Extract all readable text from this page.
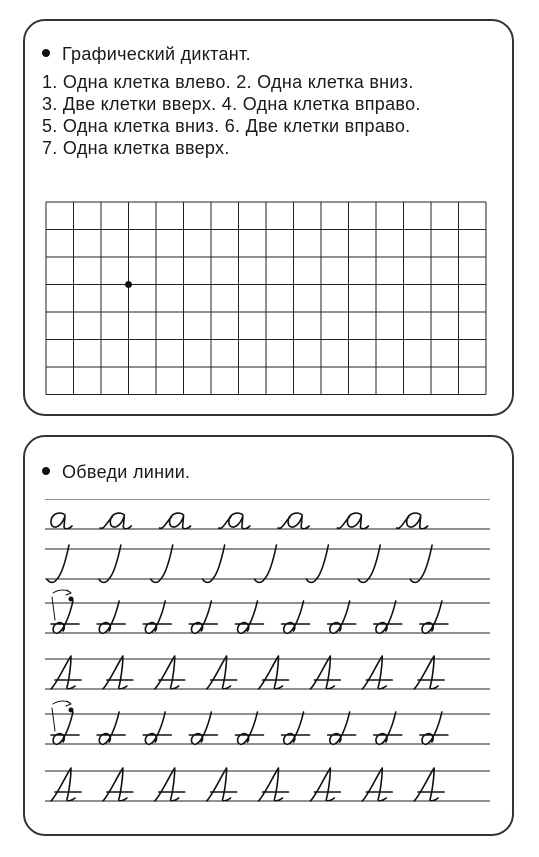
Графический диктант.
1. Одна клетка влево. 2. Одна клетка вниз.
3. Две клетки вверх. 4. Одна клетка вправо.
5. Одна клетка вниз. 6. Две клетки вправо.
7. Одна клетка вверх.
Обведи линии.
